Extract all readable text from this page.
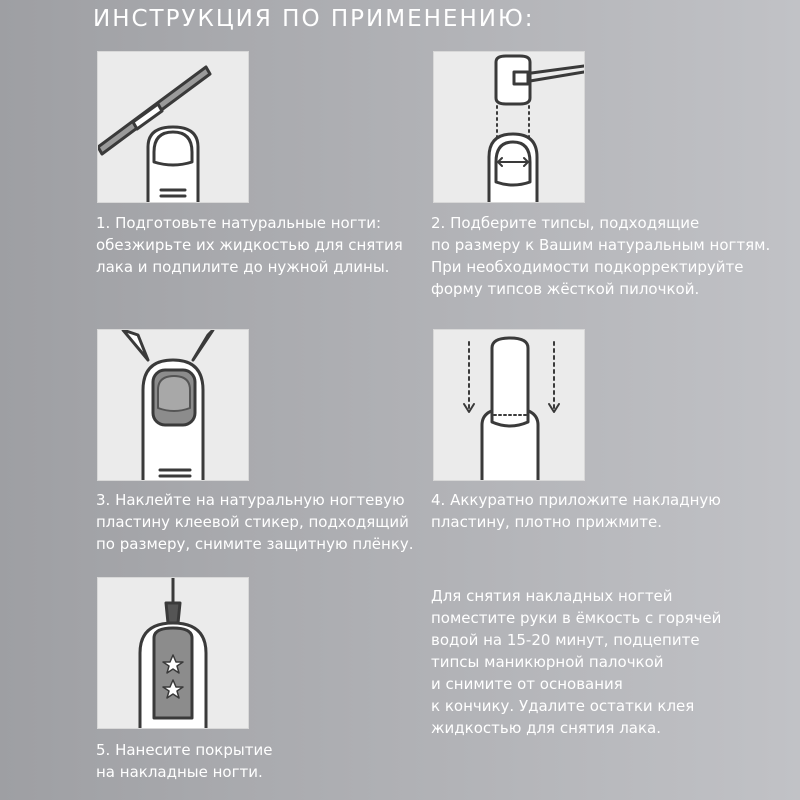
ИНСТРУКЦИЯ ПО ПРИМЕНЕНИЮ:
1. Подготовьте натуральные ногти:
обезжирьте их жидкостью для снятия
лака и подпилите до нужной длины.
2. Подберите типсы, подходящие
по размеру к Вашим натуральным ногтям.
При необходимости подкорректируйте
форму типсов жёсткой пилочкой.
3. Наклейте на натуральную ногтевую
пластину клеевой стикер, подходящий
по размеру, снимите защитную плёнку.
4. Аккуратно приложите накладную
пластину, плотно прижмите.
5. Нанесите покрытие
на накладные ногти.
Для снятия накладных ногтей
поместите руки в ёмкость с горячей
водой на 15-20 минут, подцепите
типсы маникюрной палочкой
и снимите от основания
к кончику. Удалите остатки клея
жидкостью для снятия лака.
